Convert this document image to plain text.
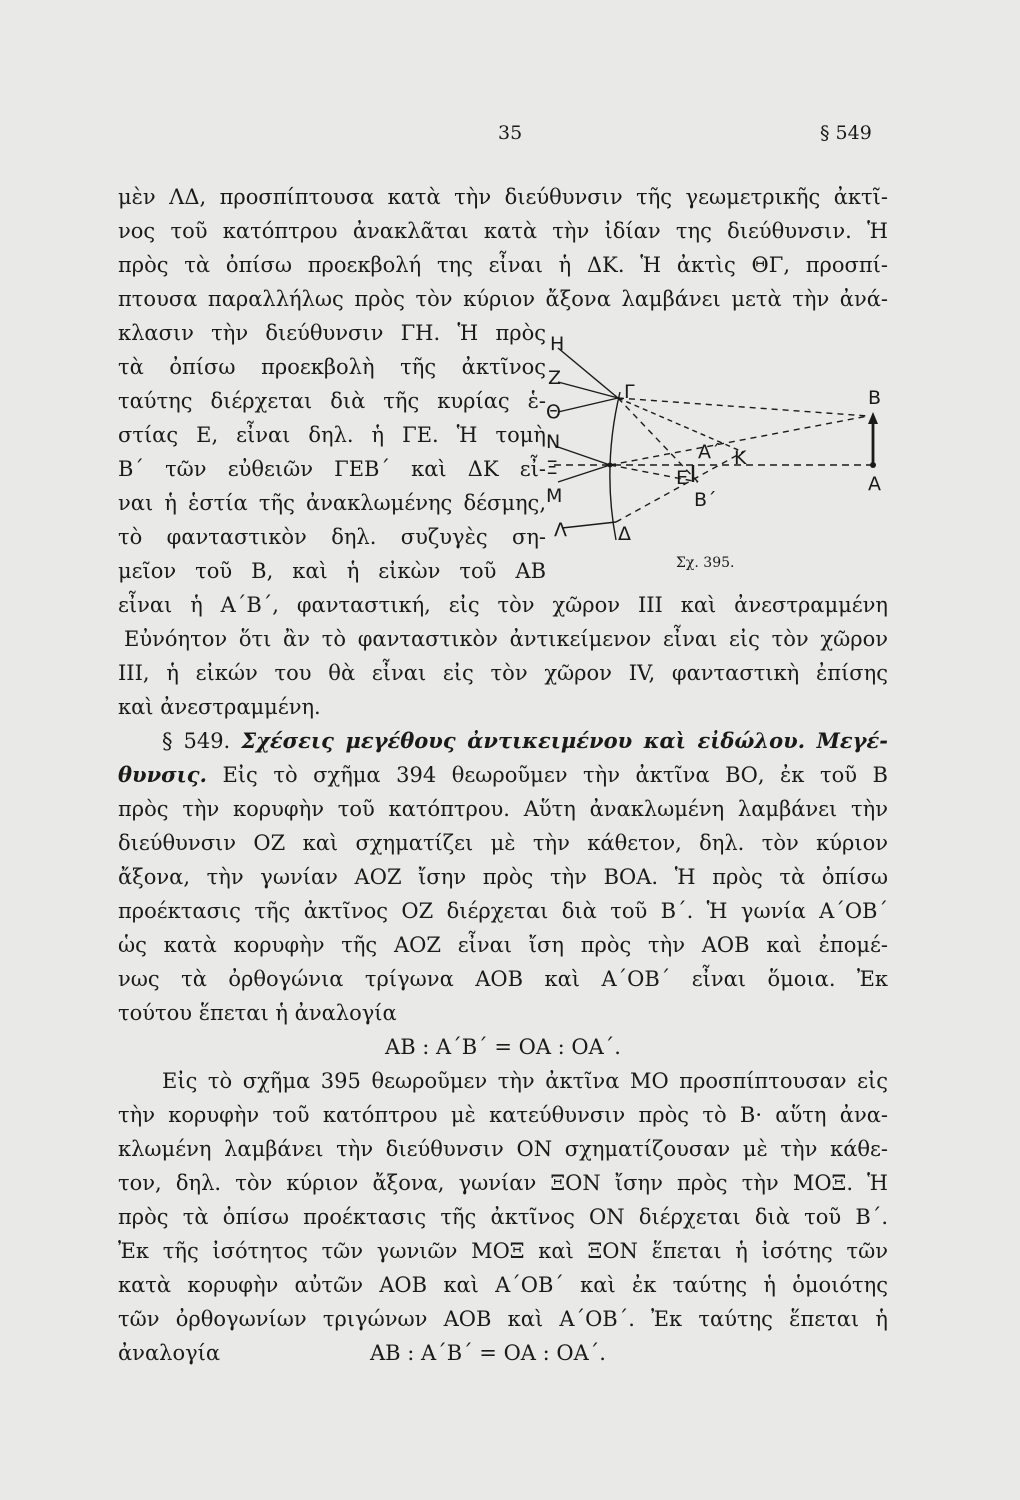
35	§ 549
μὲν ΛΔ, προσπίπτουσα κατὰ τὴν διεύθυνσιν τῆς γεωμετρικῆς ἀκτῖ-
νος τοῦ κατόπτρου ἀνακλᾶται κατὰ τὴν ἰδίαν της διεύθυνσιν. Ἡ
πρὸς τὰ ὀπίσω προεκβολή της εἶναι ἡ ΔΚ. Ἡ ἀκτὶς ΘΓ, προσπί-
πτουσα παραλλήλως πρὸς τὸν κύριον ἄξονα λαμβάνει μετὰ τὴν ἀνά-
κλασιν τὴν διεύθυνσιν ΓΗ. Ἡ πρὸς
τὰ ὀπίσω προεκβολὴ τῆς ἀκτῖνος
ταύτης διέρχεται διὰ τῆς κυρίας ἑ-
στίας Ε, εἶναι δηλ. ἡ ΓΕ. Ἡ τομὴ
Β΄ τῶν εὐθειῶν ΓΕΒ΄ καὶ ΔΚ εἶ-
ναι ἡ ἑστία τῆς ἀνακλωμένης δέσμης,
τὸ φανταστικὸν δηλ. συζυγὲς ση-
μεῖον τοῦ Β, καὶ ἡ εἰκὼν τοῦ ΑΒ
εἶναι ἡ Α΄Β΄, φανταστική, εἰς τὸν χῶρον ΙΙΙ καὶ ἀνεστραμμένη
Εὐνόητον ὅτι ἂν τὸ φανταστικὸν ἀντικείμενον εἶναι εἰς τὸν χῶρον
ΙΙΙ, ἡ εἰκών του θὰ εἶναι εἰς τὸν χῶρον ΙV, φανταστικὴ ἐπίσης
καὶ ἀνεστραμμένη.
Η
Z
Θ
N
Ξ
M
Λ
Γ
Δ
E
K
Α΄
Β΄
Β
Α
Σχ. 395.
§ 549. Σχέσεις μεγέθους ἀντικειμένου καὶ εἰδώλου. Μεγέ-
θυνσις. Εἰς τὸ σχῆμα 394 θεωροῦμεν τὴν ἀκτῖνα ΒΟ, ἐκ τοῦ Β
πρὸς τὴν κορυφὴν τοῦ κατόπτρου. Αὕτη ἀνακλωμένη λαμβάνει τὴν
διεύθυνσιν ΟΖ καὶ σχηματίζει μὲ τὴν κάθετον, δηλ. τὸν κύριον
ἄξονα, τὴν γωνίαν ΑΟΖ ἴσην πρὸς τὴν ΒΟΑ. Ἡ πρὸς τὰ ὀπίσω
προέκτασις τῆς ἀκτῖνος ΟΖ διέρχεται διὰ τοῦ Β΄. Ἡ γωνία Α΄ΟΒ΄
ὡς κατὰ κορυφὴν τῆς ΑΟΖ εἶναι ἴση πρὸς τὴν ΑΟΒ καὶ ἐπομέ-
νως τὰ ὀρθογώνια τρίγωνα ΑΟΒ καὶ Α΄ΟΒ΄ εἶναι ὅμοια. Ἐκ
τούτου ἕπεται ἡ ἀναλογία
ΑΒ : Α΄Β΄ = ΟΑ : ΟΑ΄.
Εἰς τὸ σχῆμα 395 θεωροῦμεν τὴν ἀκτῖνα ΜΟ προσπίπτουσαν εἰς
τὴν κορυφὴν τοῦ κατόπτρου μὲ κατεύθυνσιν πρὸς τὸ Β· αὕτη ἀνα-
κλωμένη λαμβάνει τὴν διεύθυνσιν ΟΝ σχηματίζουσαν μὲ τὴν κάθε-
τον, δηλ. τὸν κύριον ἄξονα, γωνίαν ΞΟΝ ἴσην πρὸς τὴν ΜΟΞ. Ἡ
πρὸς τὰ ὀπίσω προέκτασις τῆς ἀκτῖνος ΟΝ διέρχεται διὰ τοῦ Β΄.
Ἐκ τῆς ἰσότητος τῶν γωνιῶν ΜΟΞ καὶ ΞΟΝ ἕπεται ἡ ἰσότης τῶν
κατὰ κορυφὴν αὐτῶν ΑΟΒ καὶ Α΄ΟΒ΄ καὶ ἐκ ταύτης ἡ ὁμοιότης
τῶν ὀρθογωνίων τριγώνων ΑΟΒ καὶ Α΄ΟΒ΄. Ἐκ ταύτης ἕπεται ἡ
ἀναλογία	ΑΒ : Α΄Β΄ = ΟΑ : ΟΑ΄.
